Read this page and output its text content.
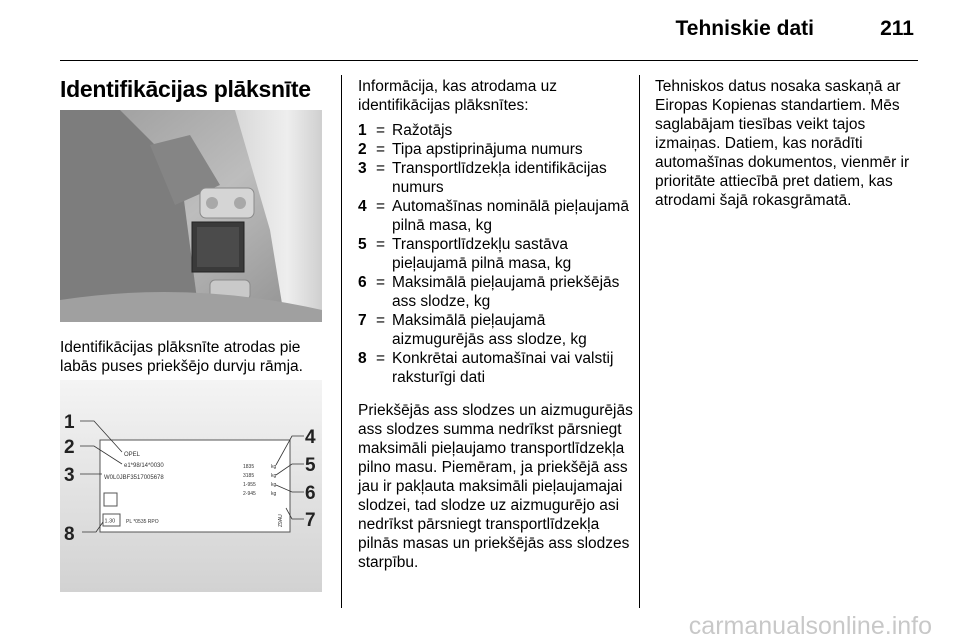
Tehniskie dati	211
Identifikācijas plāksnīte
Identifikācijas plāksnīte atrodas pie labās puses priekšējo durvju rāmja.
OPEL
e1*98/14*0030
W0L0JBF3517005678
1835
3185
1-955
2-945
kg
kg
kg
kg
1.30 PL *0535 RPO	Z9AU
1
2
3
8
4
5
6
7

Informācija, kas atrodama uz identifikācijas plāksnītes:

1 = Ražotājs
2 = Tipa apstiprinājuma numurs
3 = Transportlīdzekļa identifikācijas numurs
4 = Automašīnas nominālā pieļaujamā pilnā masa, kg
5 = Transportlīdzekļu sastāva pieļaujamā pilnā masa, kg
6 = Maksimālā pieļaujamā priekšējās ass slodze, kg
7 = Maksimālā pieļaujamā aizmugurējās ass slodze, kg
8 = Konkrētai automašīnai vai valstij raksturīgi dati

Priekšējās ass slodzes un aizmugurējās ass slodzes summa nedrīkst pārsniegt maksimāli pieļaujamo transportlīdzekļa pilno masu. Piemēram, ja priekšējā ass jau ir pakļauta maksimāli pieļaujamajai slodzei, tad slodze uz aizmugurējo asi nedrīkst pārsniegt transportlīdzekļa pilnās masas un priekšējās ass slodzes starpību.

Tehniskos datus nosaka saskaņā ar Eiropas Kopienas standartiem. Mēs saglabājam tiesības veikt tajos izmaiņas. Datiem, kas norādīti automašīnas dokumentos, vienmēr ir prioritāte attiecībā pret datiem, kas atrodami šajā rokasgrāmatā.

carmanualsonline.info
